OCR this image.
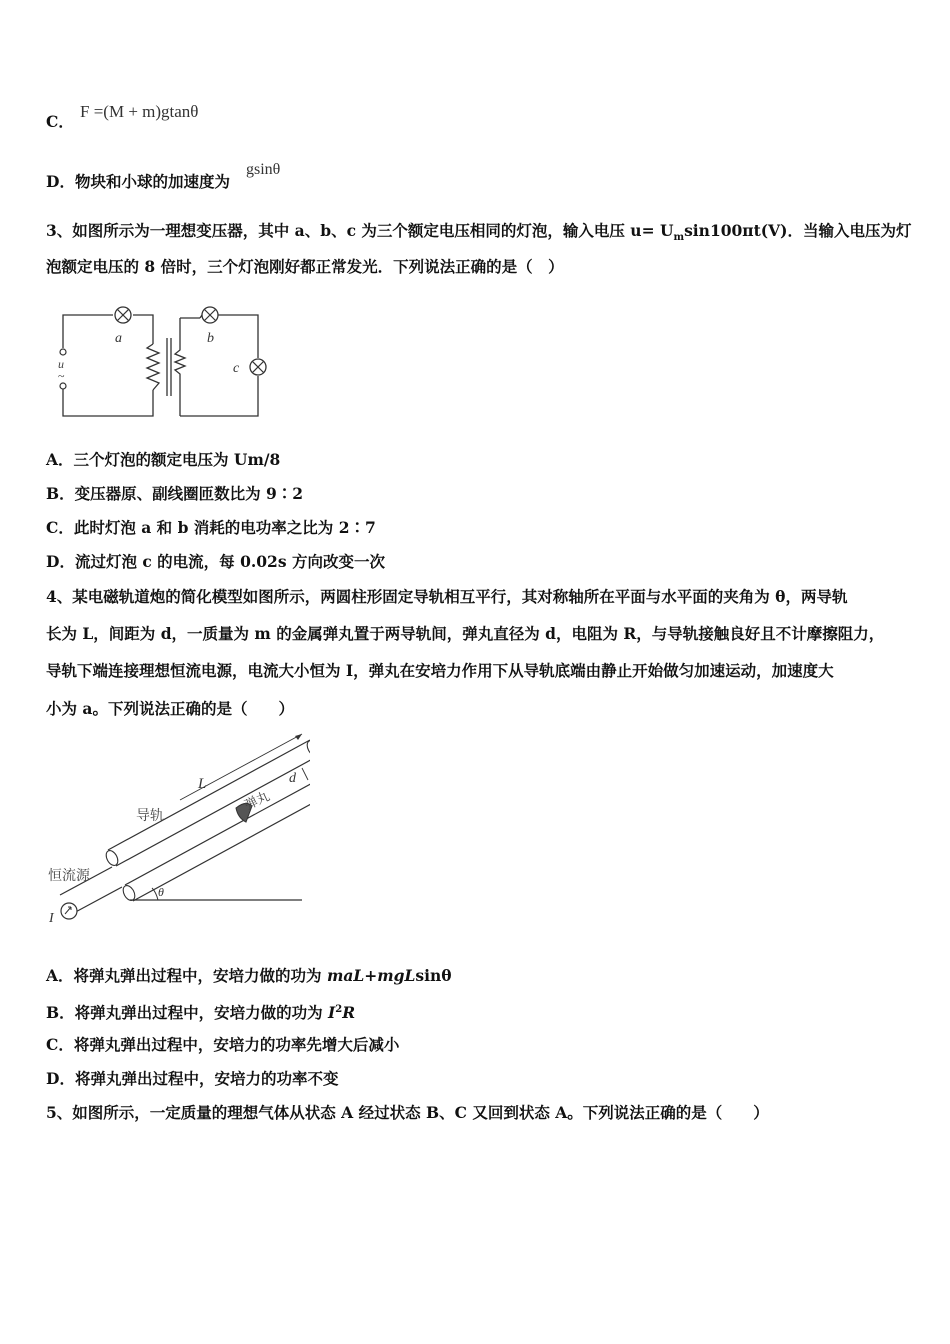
C．
F =(M + m)gtanθ
D．物块和小球的加速度为
gsinθ
3、如图所示为一理想变压器，其中 a、b、c 为三个额定电压相同的灯泡，输入电压 $u= U_m\sin 100\pi t(V)$．当输入电压为灯
泡额定电压的 8 倍时，三个灯泡刚好都正常发光．下列说法正确的是（　）
a
u
~
b
c
A．三个灯泡的额定电压为 Um/8
B．变压器原、副线圈匝数比为 9∶2
C．此时灯泡 a 和 b 消耗的电功率之比为 2∶7
D．流过灯泡 c 的电流，每 0.02s 方向改变一次
4、某电磁轨道炮的简化模型如图所示，两圆柱形固定导轨相互平行，其对称轴所在平面与水平面的夹角为 θ，两导轨
长为 L，间距为 d，一质量为 m 的金属弹丸置于两导轨间，弹丸直径为 d，电阻为 R，与导轨接触良好且不计摩擦阻力，
导轨下端连接理想恒流电源，电流大小恒为 I，弹丸在安培力作用下从导轨底端由静止开始做匀加速运动，加速度大
小为 a。下列说法正确的是（　　）
L	d
导轨
弹丸
恒流源
θ
I
A．将弹丸弹出过程中，安培力做的功为 maL+mgLsinθ
B．将弹丸弹出过程中，安培力做的功为 $I^2R$
C．将弹丸弹出过程中，安培力的功率先增大后减小
D．将弹丸弹出过程中，安培力的功率不变
5、如图所示，一定质量的理想气体从状态 A 经过状态 B、C 又回到状态 A。下列说法正确的是（　　）
